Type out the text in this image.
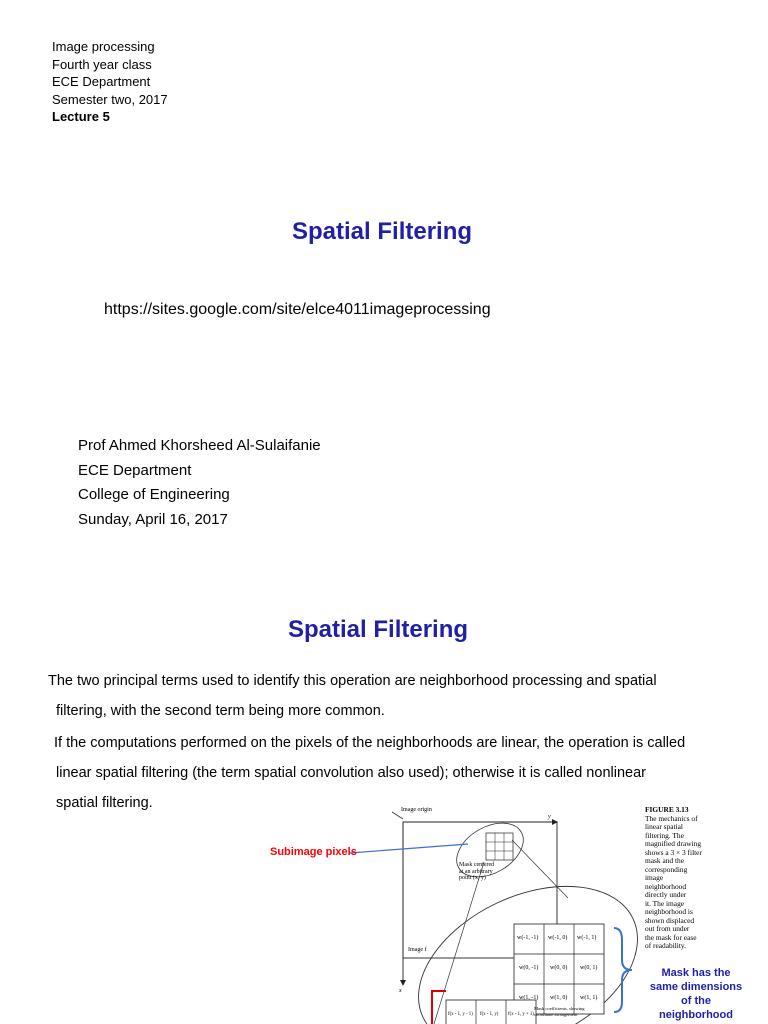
Image processing
Fourth year class
ECE Department
Semester two, 2017
Lecture 5
Spatial Filtering
https://sites.google.com/site/elce4011imageprocessing
Prof Ahmed Khorsheed Al-Sulaifanie
ECE Department
College of Engineering
Sunday, April 16, 2017
Spatial Filtering
The two principal terms used to identify this operation are neighborhood processing and spatial
filtering, with the second term being more common.
If the computations performed on the pixels of the neighborhoods are linear, the operation is called
linear spatial filtering (the term spatial convolution also used); otherwise it is called nonlinear
spatial filtering.	Image origin
y
x
Image f
Mask centered
at an arbitrary
point (x, y)
FIGURE 3.13
The mechanics of
linear spatial
filtering. The
magnified drawing
shows a 3 × 3 filter
mask and the
corresponding
image
neighborhood
directly under
it. The image
neighborhood is
shown displaced
out from under
the mask for ease
of readability.
w(-1, -1) w(-1, 0) w(-1, 1)
w(0, -1) w(0, 0) w(0, 1)
w(1, -1) w(1, 0) w(1, 1)
Mask coefficients, showing
coordinate arrangement
f(x - 1, y - 1) f(x - 1, y) f(x - 1, y + 1)
Subimage pixels
Mask has the
same dimensions
of the
neighborhood
